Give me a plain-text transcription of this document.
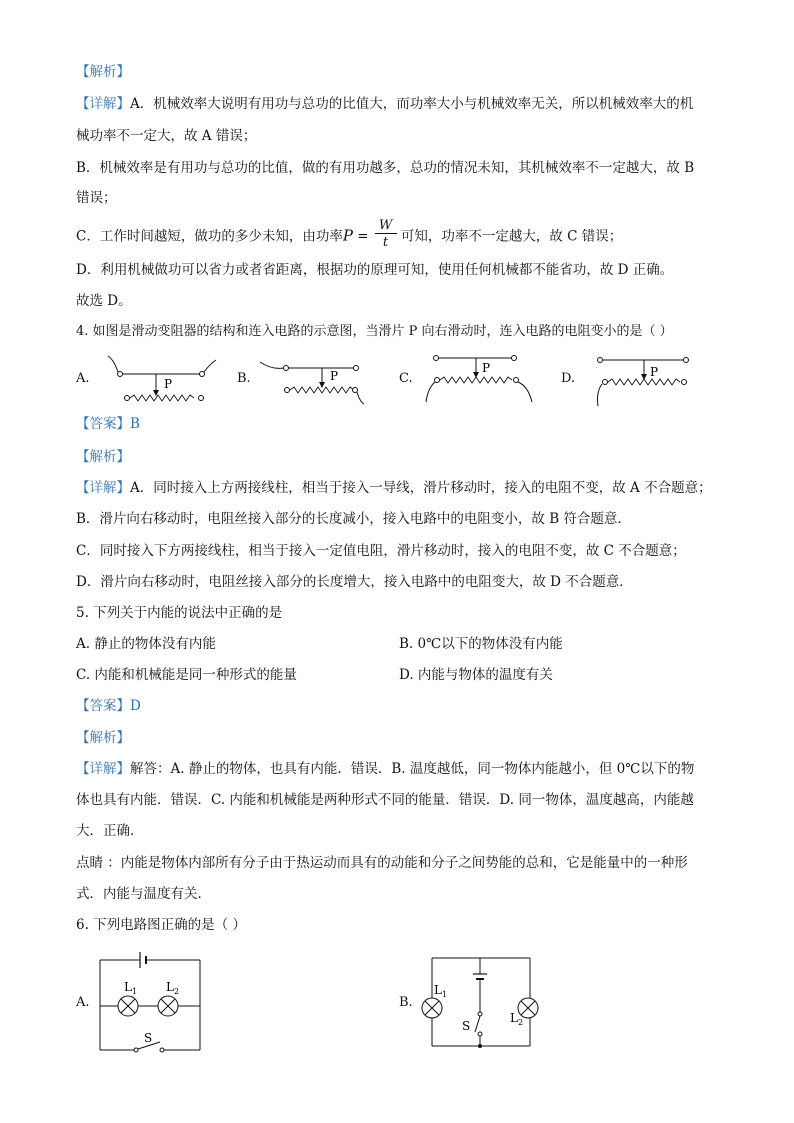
【解析】
【详解】A．机械效率大说明有用功与总功的比值大，而功率大小与机械效率无关，所以机械效率大的机
械功率不一定大，故 A 错误；
B．机械效率是有用功与总功的比值，做的有用功越多，总功的情况未知，其机械效率不一定越大，故 B
错误；
C．工作时间越短，做功的多少未知，由功率$P = \frac{W}{t}$ 可知，功率不一定越大，故 C 错误；
D．利用机械做功可以省力或者省距离，根据功的原理可知，使用任何机械都不能省功，故 D 正确。
故选 D。
4. 如图是滑动变阻器的结构和连入电路的示意图，当滑片 P 向右滑动时，连入电路的电阻变小的是（ ）
A.	P	B.	P	C.
P
D.	P
【答案】B
【解析】
【详解】A．同时接入上方两接线柱，相当于接入一导线，滑片移动时，接入的电阻不变，故 A 不合题意；
B．滑片向右移动时，电阻丝接入部分的长度减小，接入电路中的电阻变小，故 B 符合题意．
C．同时接入下方两接线柱，相当于接入一定值电阻，滑片移动时，接入的电阻不变，故 C 不合题意；
D．滑片向右移动时，电阻丝接入部分的长度增大，接入电路中的电阻变大，故 D 不合题意．
5. 下列关于内能的说法中正确的是
A. 静止的物体没有内能	B. 0℃以下的物体没有内能
C. 内能和机械能是同一种形式的能量	D. 内能与物体的温度有关
【答案】D
【解析】
【详解】解答：A. 静止的物体，也具有内能．错误．B. 温度越低，同一物体内能越小，但 0℃以下的物
体也具有内能．错误．C. 内能和机械能是两种形式不同的能量．错误．D. 同一物体，温度越高，内能越
大．正确．
点睛 ：内能是物体内部所有分子由于热运动而具有的动能和分子之间势能的总和，它是能量中的一种形
式．内能与温度有关．
6. 下列电路图正确的是（ ）
A.
L 1 L 2
S
B.
L 1
S
L 2
